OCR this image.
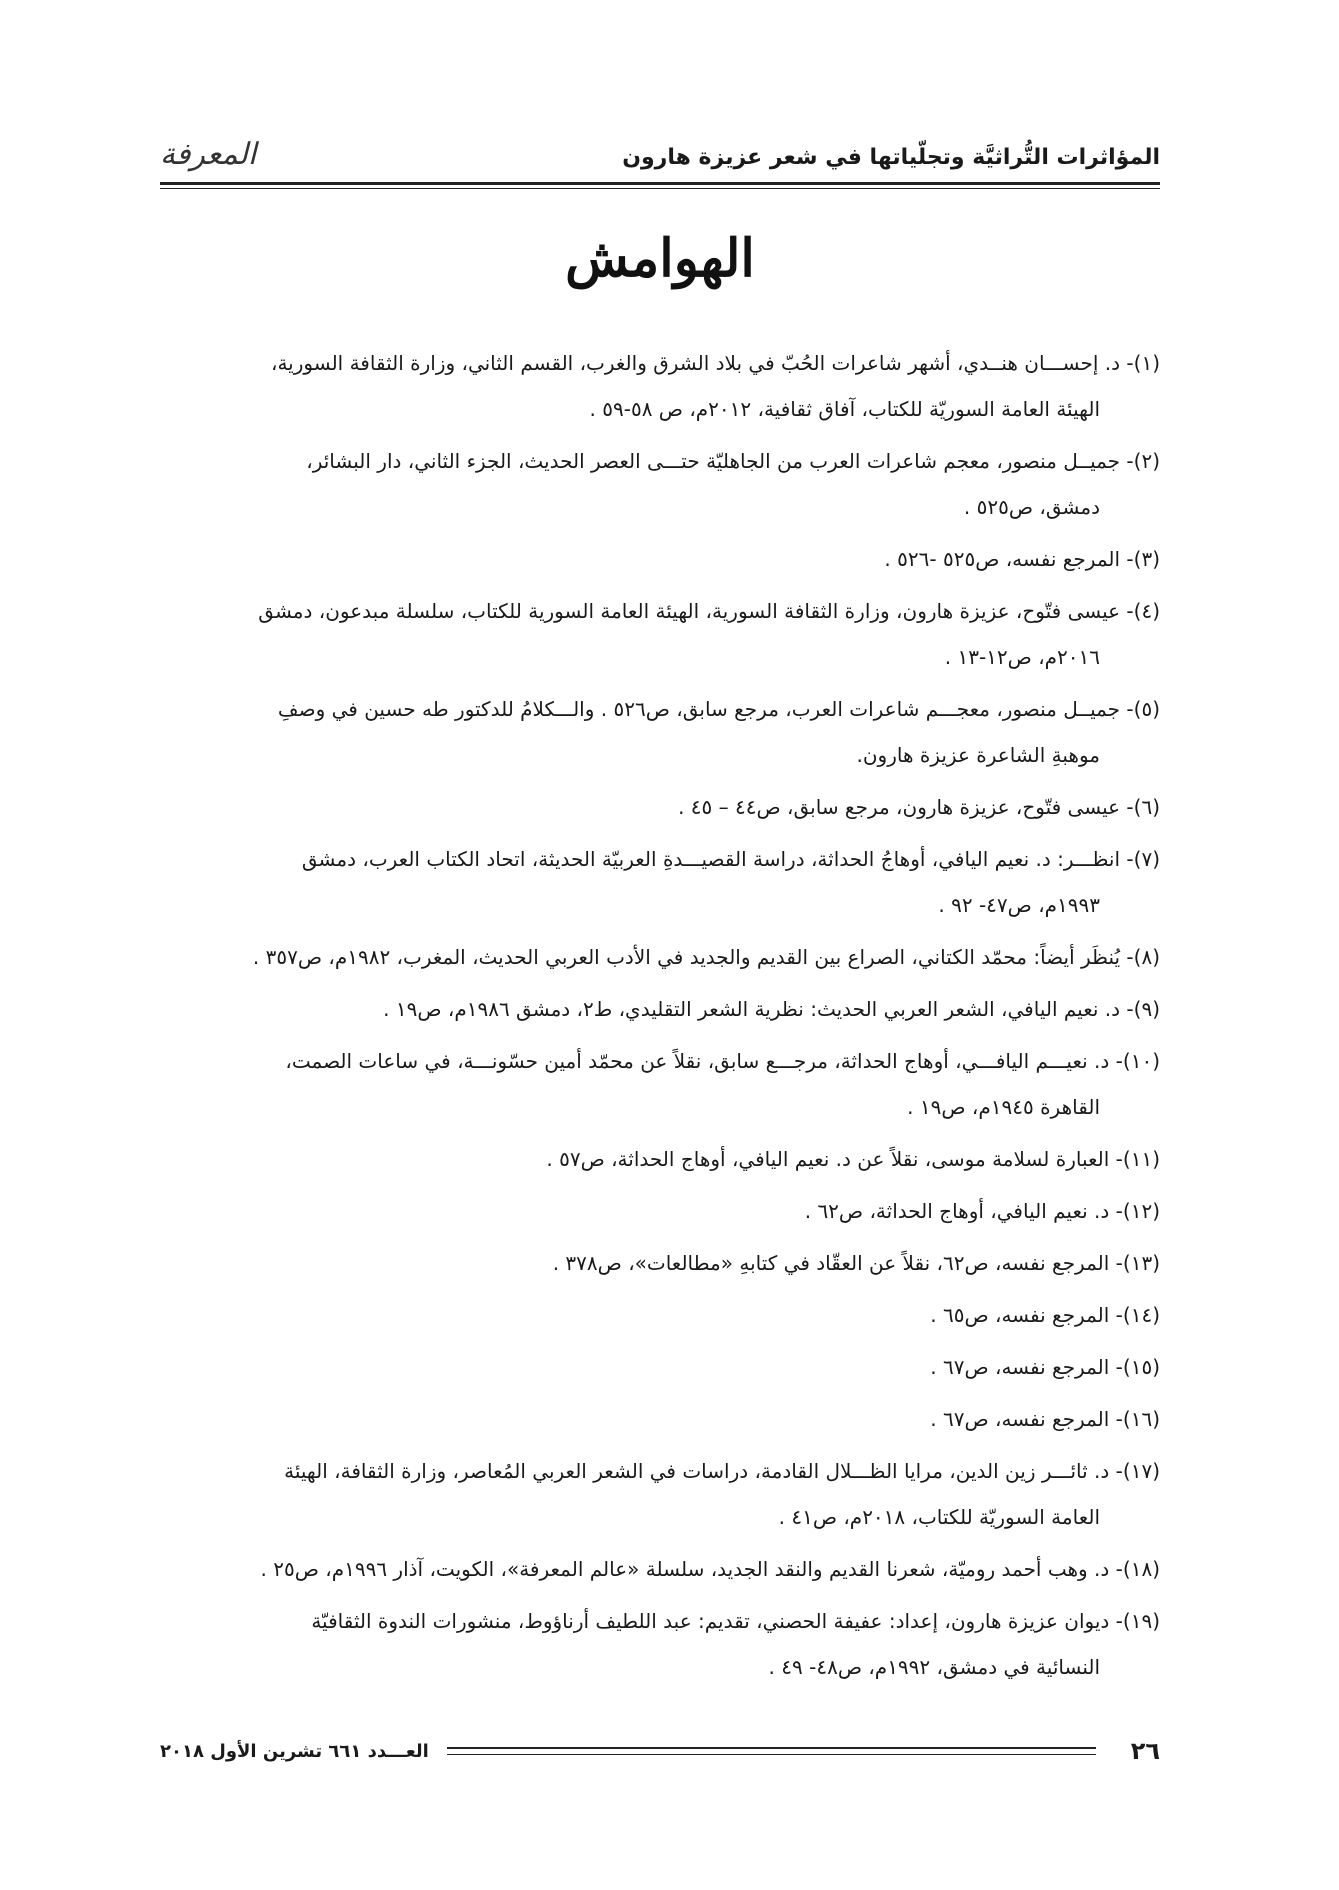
المؤاثرات التُّراثيَّة وتجلّياتها في شعر عزيزة هارون
المعرفة
الهوامش
(١)- د. إحســـان هنــدي، أشهر شاعرات الحُبّ في بلاد الشرق والغرب، القسم الثاني، وزارة الثقافة السورية،
الهيئة العامة السوريّة للكتاب، آفاق ثقافية، ٢٠١٢م، ص ٥٨-٥٩ .
(٢)- جميــل منصور، معجم شاعرات العرب من الجاهليّة حتـــى العصر الحديث، الجزء الثاني، دار البشائر،
دمشق، ص٥٢٥ .
(٣)- المرجع نفسه، ص٥٢٥ -٥٢٦ .
(٤)- عيسى فتّوح، عزيزة هارون، وزارة الثقافة السورية، الهيئة العامة السورية للكتاب، سلسلة مبدعون، دمشق
٢٠١٦م، ص١٢-١٣ .
(٥)- جميــل منصور، معجـــم شاعرات العرب، مرجع سابق، ص٥٢٦ . والـــكلامُ للدكتور طه حسين في وصفِ
موهبةِ الشاعرة عزيزة هارون.
(٦)- عيسى فتّوح، عزيزة هارون، مرجع سابق، ص٤٤ – ٤٥ .
(٧)- انظـــر: د. نعيم اليافي، أوهاجُ الحداثة، دراسة القصيـــدةِ العربيّة الحديثة، اتحاد الكتاب العرب، دمشق
١٩٩٣م، ص٤٧- ٩٢ .
(٨)- يُنظَر أيضاً: محمّد الكتاني، الصراع بين القديم والجديد في الأدب العربي الحديث، المغرب، ١٩٨٢م، ص٣٥٧ .
(٩)- د. نعيم اليافي، الشعر العربي الحديث: نظرية الشعر التقليدي، ط٢، دمشق ١٩٨٦م، ص١٩ .
(١٠)- د. نعيـــم اليافـــي، أوهاج الحداثة، مرجـــع سابق، نقلاً عن محمّد أمين حسّونـــة، في ساعات الصمت،
القاهرة ١٩٤٥م، ص١٩ .
(١١)- العبارة لسلامة موسى، نقلاً عن د. نعيم اليافي، أوهاج الحداثة، ص٥٧ .
(١٢)- د. نعيم اليافي، أوهاج الحداثة، ص٦٢ .
(١٣)- المرجع نفسه، ص٦٢، نقلاً عن العقّاد في كتابهِ «مطالعات»، ص٣٧٨ .
(١٤)- المرجع نفسه، ص٦٥ .
(١٥)- المرجع نفسه، ص٦٧ .
(١٦)- المرجع نفسه، ص٦٧ .
(١٧)- د. ثائـــر زين الدين، مرايا الظـــلال القادمة، دراسات في الشعر العربي المُعاصر، وزارة الثقافة، الهيئة
العامة السوريّة للكتاب، ٢٠١٨م، ص٤١ .
(١٨)- د. وهب أحمد روميّة، شعرنا القديم والنقد الجديد، سلسلة «عالم المعرفة»، الكويت، آذار ١٩٩٦م، ص٢٥ .
(١٩)- ديوان عزيزة هارون، إعداد: عفيفة الحصني، تقديم: عبد اللطيف أرناؤوط، منشورات الندوة الثقافيّة
النسائية في دمشق، ١٩٩٢م، ص٤٨- ٤٩ .
٢٦
العـــدد ٦٦١ تشرين الأول ٢٠١٨
